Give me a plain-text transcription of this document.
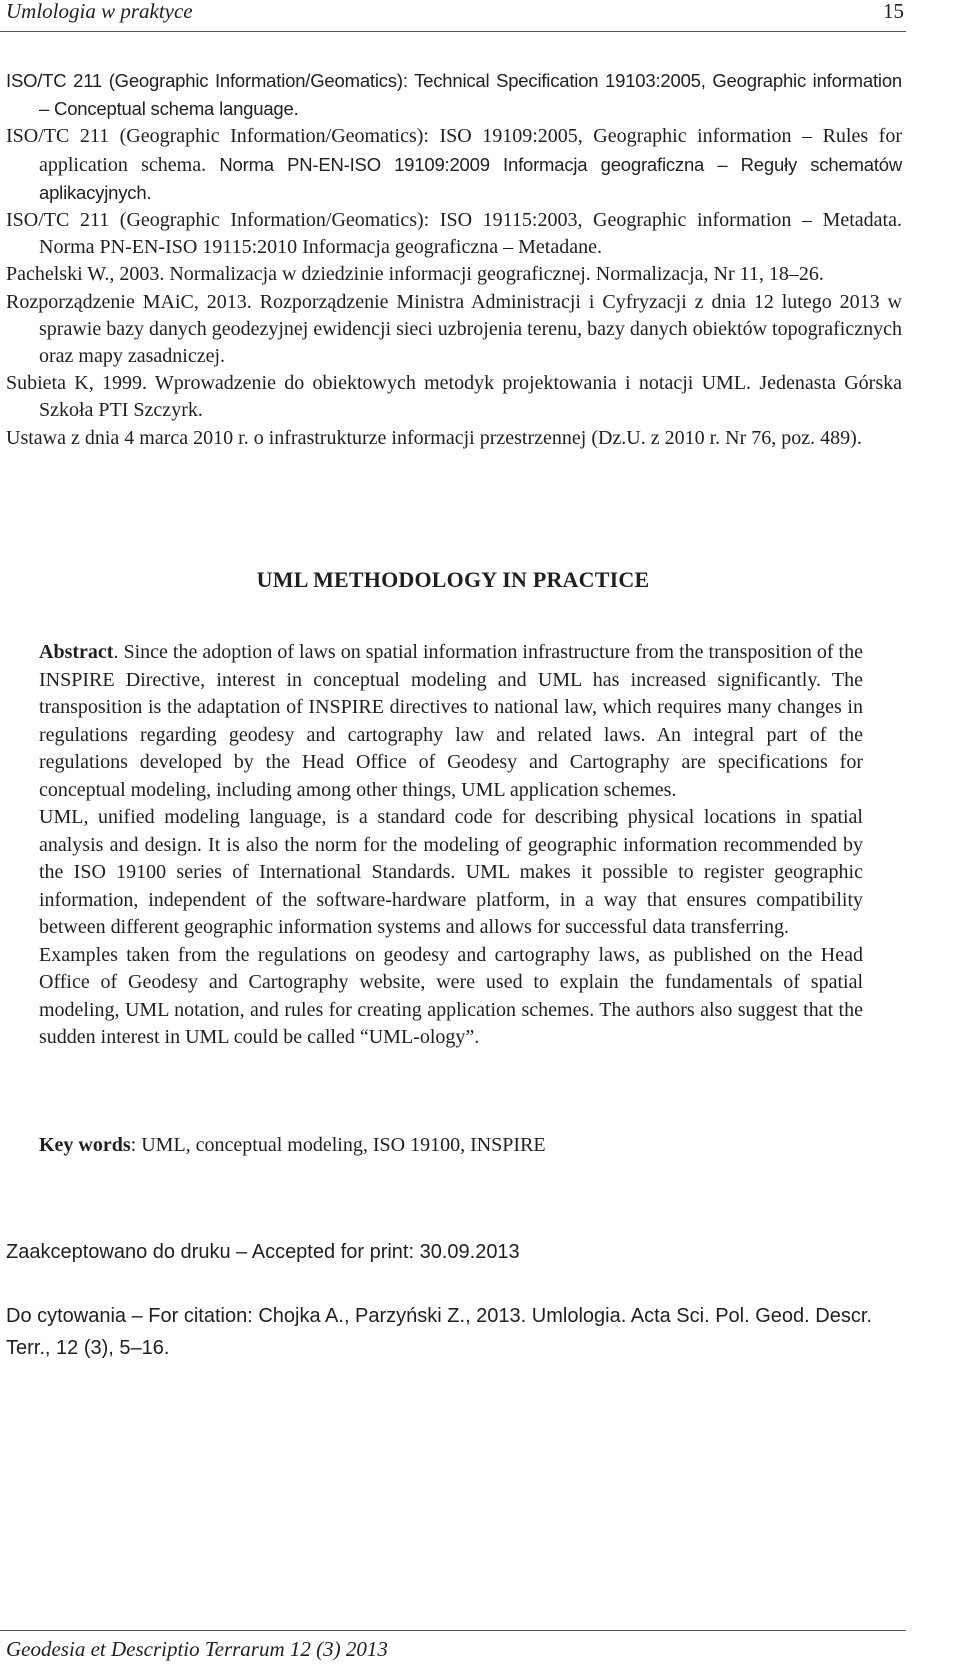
Umlologia w praktyce	15

ISO/TC 211 (Geographic Information/Geomatics): Technical Specification 19103:2005, Geographic information – Conceptual schema language.

ISO/TC 211 (Geographic Information/Geomatics): ISO 19109:2005, Geographic information – Rules for application schema. Norma PN-EN-ISO 19109:2009 Informacja geograficzna – Reguły schematów aplikacyjnych.

ISO/TC 211 (Geographic Information/Geomatics): ISO 19115:2003, Geographic information – Metadata. Norma PN-EN-ISO 19115:2010 Informacja geograficzna – Metadane.

Pachelski W., 2003. Normalizacja w dziedzinie informacji geograficznej. Normalizacja, Nr 11, 18–26.

Rozporządzenie MAiC, 2013. Rozporządzenie Ministra Administracji i Cyfryzacji z dnia 12 lutego 2013 w sprawie bazy danych geodezyjnej ewidencji sieci uzbrojenia terenu, bazy danych obiektów topograficznych oraz mapy zasadniczej.

Subieta K, 1999. Wprowadzenie do obiektowych metodyk projektowania i notacji UML. Jedenasta Górska Szkoła PTI Szczyrk.

Ustawa z dnia 4 marca 2010 r. o infrastrukturze informacji przestrzennej (Dz.U. z 2010 r. Nr 76, poz. 489).

UML METHODOLOGY IN PRACTICE

Abstract. Since the adoption of laws on spatial information infrastructure from the transposition of the INSPIRE Directive, interest in conceptual modeling and UML has increased significantly. The transposition is the adaptation of INSPIRE directives to national law, which requires many changes in regulations regarding geodesy and cartography law and related laws. An integral part of the regulations developed by the Head Office of Geodesy and Cartography are specifications for conceptual modeling, including among other things, UML application schemes.

UML, unified modeling language, is a standard code for describing physical locations in spatial analysis and design. It is also the norm for the modeling of geographic information recommended by the ISO 19100 series of International Standards. UML makes it possible to register geographic information, independent of the software-hardware platform, in a way that ensures compatibility between different geographic information systems and allows for successful data transferring.

Examples taken from the regulations on geodesy and cartography laws, as published on the Head Office of Geodesy and Cartography website, were used to explain the fundamentals of spatial modeling, UML notation, and rules for creating application schemes. The authors also suggest that the sudden interest in UML could be called “UML-ology”.

Key words: UML, conceptual modeling, ISO 19100, INSPIRE
Zaakceptowano do druku – Accepted for print: 30.09.2013
Do cytowania – For citation: Chojka A., Parzyński Z., 2013. Umlologia. Acta Sci. Pol. Geod. Descr. Terr., 12 (3), 5–16.
Geodesia et Descriptio Terrarum 12 (3) 2013
